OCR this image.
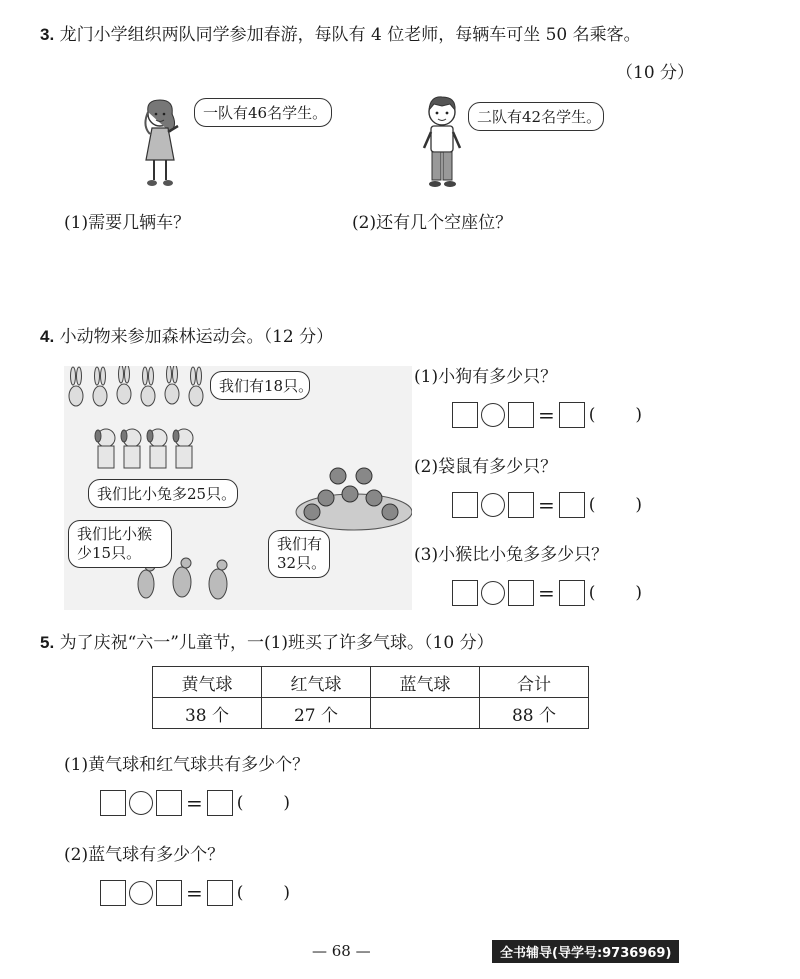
3. 龙门小学组织两队同学参加春游，每队有 4 位老师，每辆车可坐 50 名乘客。
（10 分）
一队有46名学生。	二队有42名学生。
(1)需要几辆车？	(2)还有几个空座位？
4. 小动物来参加森林运动会。（12 分）
我们有18只。
我们比小兔多25只。
我们比小猴
少15只。	我们有
32只。
(1)小狗有多少只？
= ( )
(2)袋鼠有多少只？
= ( )
(3)小猴比小兔多多少只？
= ( )
5. 为了庆祝“六一”儿童节，一(1)班买了许多气球。（10 分）
黄气球	红气球	蓝气球	合计
38 个	27 个		88 个
(1)黄气球和红气球共有多少个？
= ( )
(2)蓝气球有多少个？
= ( )
— 68 —	全书辅导(导学号:9736969)
